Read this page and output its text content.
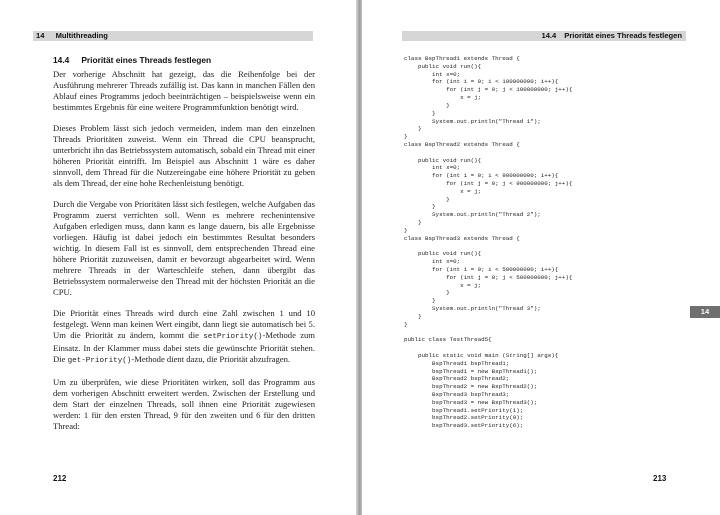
14 Multithreading
14.4 Priorität eines Threads festlegen

Der vorherige Abschnitt hat gezeigt, das die Reihenfolge bei der Ausführung mehrerer Threads zufällig ist. Das kann in manchen Fällen den Ablauf eines Programms jedoch beeinträchtigen – beispielsweise wenn ein bestimmtes Ergebnis für eine weitere Programmfunktion benötigt wird.

Dieses Problem lässt sich jedoch vermeiden, indem man den einzelnen Threads Prioritäten zuweist. Wenn ein Thread die CPU beansprucht, unterbricht ihn das Betriebssystem automatisch, sobald ein Thread mit einer höheren Priorität eintrifft. Im Beispiel aus Abschnitt 1 wäre es daher sinnvoll, dem Thread für die Nutzereingabe eine höhere Priorität zu geben als dem Thread, der eine hohe Rechenleistung benötigt.

Durch die Vergabe von Prioritäten lässt sich festlegen, welche Aufgaben das Programm zuerst verrichten soll. Wenn es mehrere rechenintensive Aufgaben erledigen muss, dann kann es lange dauern, bis alle Ergebnisse vorliegen. Häufig ist dabei jedoch ein bestimmtes Resultat besonders wichtig. In diesem Fall ist es sinnvoll, dem entsprechenden Thread eine höhere Priorität zuzuweisen, damit er bevorzugt abgearbeitet wird. Wenn mehrere Threads in der Warteschleife stehen, dann übergibt das Betriebssystem normalerweise den Thread mit der höchsten Priorität an die CPU.

Die Priorität eines Threads wird durch eine Zahl zwischen 1 und 10 festgelegt. Wenn man keinen Wert eingibt, dann liegt sie automatisch bei 5. Um die Priorität zu ändern, kommt die setPriority()-Methode zum Einsatz. In der Klammer muss dabei stets die gewünschte Priorität stehen. Die get-Priority()-Methode dient dazu, die Priorität abzufragen.

Um zu überprüfen, wie diese Prioritäten wirken, soll das Programm aus dem vorherigen Abschnitt erweitert werden. Zwischen der Erstellung und dem Start der einzelnen Threads, soll ihnen eine Priorität zugewiesen werden: 1 für den ersten Thread, 9 für den zweiten und 6 für den dritten Thread:

212
14.4 Priorität eines Threads festlegen
class BspThread1 extends Thread {
public void run(){
int x=0;
for (int i = 0; i < 100000000; i++){
for (int j = 0; j < 100000000; j++){
x = j;
}
}
System.out.println("Thread 1");
}
}
class BspThread2 extends Thread {
public void run(){
int x=0;
for (int i = 0; i < 900000000; i++){
for (int j = 0; j < 900000000; j++){
x = j;
}
}
System.out.println("Thread 2");
}
}
class BspThread3 extends Thread {
public void run(){
int x=0;
for (int i = 0; i < 500000000; i++){
for (int j = 0; j < 500000000; j++){
x = j;
}
}
System.out.println("Thread 3");
}
}
public class TestThread5{
public static void main (String[] args){
BspThread1 bspThread1;
bspThread1 = new BspThread1();
BspThread2 bspThread2;
bspThread2 = new BspThread2();
BspThread3 bspThread3;
bspThread3 = new BspThread3();
bspThread1.setPriority(1);
bspThread2.setPriority(9);
bspThread3.setPriority(6);
14
213
